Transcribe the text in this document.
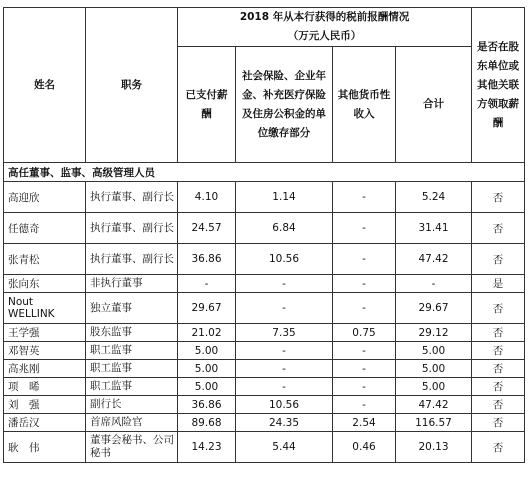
姓名	职务	2018 年从本行获得的税前报酬情况
（万元人民币）				是否在股东单位或其他关联方领取薪酬
		已支付薪酬	社会保险、企业年金、补充医疗保险及住房公积金的单位缴存部分	其他货币性收入	合计	
高任董事、监事、高级管理人员						
高迎欣	执行董事、副行长	4.10	1.14	-	5.24	否
任德奇	执行董事、副行长	24.57	6.84	-	31.41	否
张青松	执行董事、副行长	36.86	10.56	-	47.42	否
张向东	非执行董事	-	-	-	-	是
Nout WELLINK	独立董事	29.67	-	-	29.67	否
王学强	股东监事	21.02	7.35	0.75	29.12	否
邓智英	职工监事	5.00	-	-	5.00	否
高兆刚	职工监事	5.00	-	-	5.00	否
项　晞	职工监事	5.00	-	-	5.00	否
刘　强	副行长	36.86	10.56	-	47.42	否
潘岳汉	首席风险官	89.68	24.35	2.54	116.57	否
耿　伟	董事会秘书、公司秘书	14.23	5.44	0.46	20.13	否
